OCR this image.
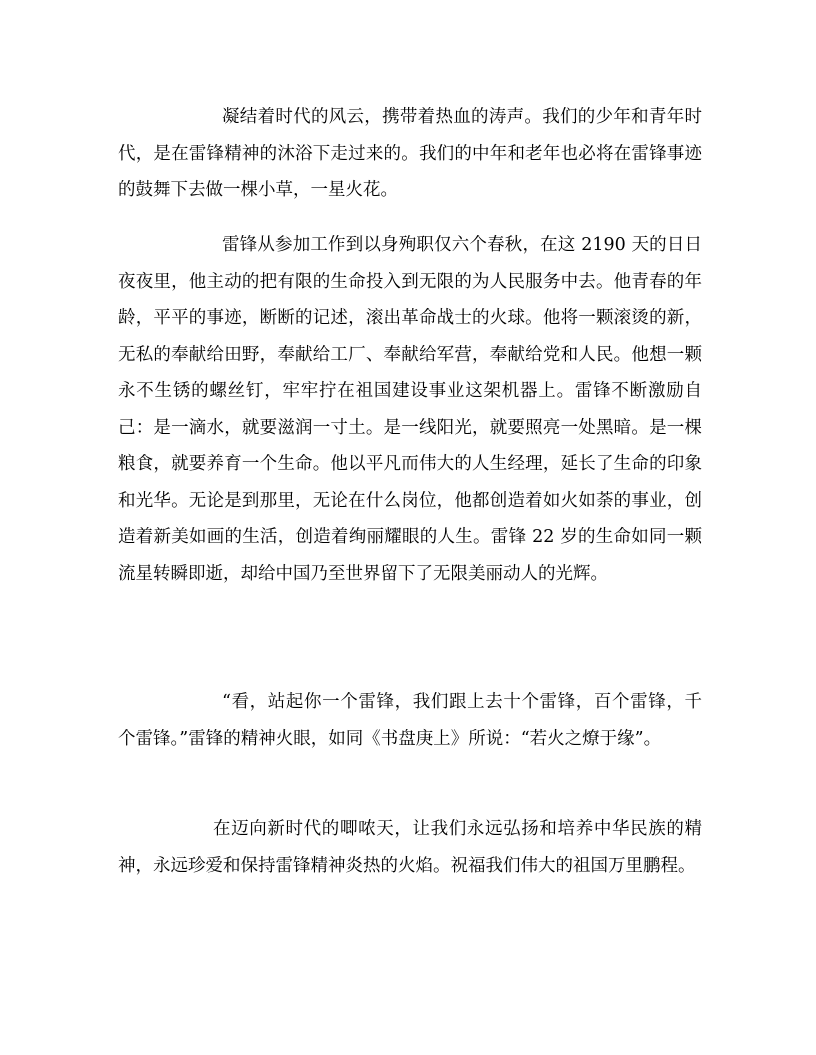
凝结着时代的风云，携带着热血的涛声。我们的少年和青年时代，是在雷锋精神的沐浴下走过来的。我们的中年和老年也必将在雷锋事迹的鼓舞下去做一棵小草，一星火花。

雷锋从参加工作到以身殉职仅六个春秋，在这 2190 天的日日夜夜里，他主动的把有限的生命投入到无限的为人民服务中去。他青春的年龄，平平的事迹，断断的记述，滚出革命战士的火球。他将一颗滚烫的新，无私的奉献给田野，奉献给工厂、奉献给军营，奉献给党和人民。他想一颗永不生锈的螺丝钉，牢牢拧在祖国建设事业这架机器上。雷锋不断激励自己：是一滴水，就要滋润一寸土。是一线阳光，就要照亮一处黑暗。是一棵粮食，就要养育一个生命。他以平凡而伟大的人生经理，延长了生命的印象和光华。无论是到那里，无论在什么岗位，他都创造着如火如荼的事业，创造着新美如画的生活，创造着绚丽耀眼的人生。雷锋 22 岁的生命如同一颗流星转瞬即逝，却给中国乃至世界留下了无限美丽动人的光辉。

“看，站起你一个雷锋，我们跟上去十个雷锋，百个雷锋，千个雷锋。”雷锋的精神火眼，如同《书盘庚上》所说：“若火之燎于缘”。

在迈向新时代的唧哝天，让我们永远弘扬和培养中华民族的精神，永远珍爱和保持雷锋精神炎热的火焰。祝福我们伟大的祖国万里鹏程。
